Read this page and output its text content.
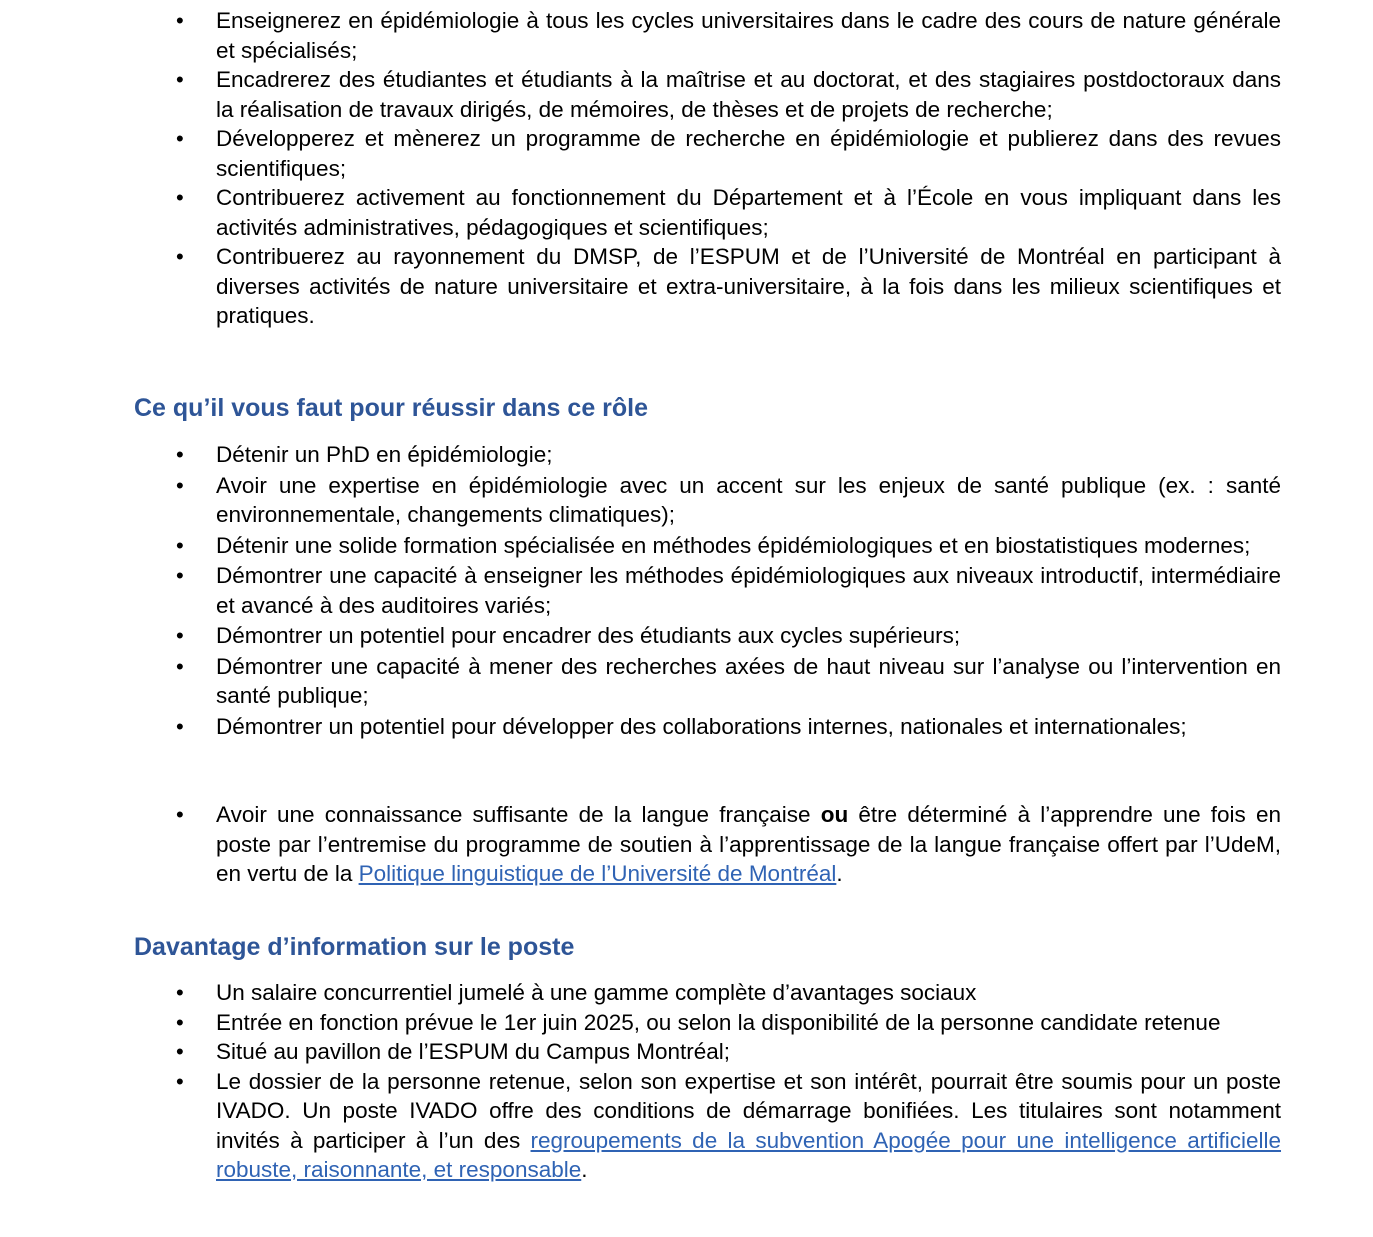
• Enseignerez en épidémiologie à tous les cycles universitaires dans le cadre des cours de nature générale et spécialisés;
• Encadrerez des étudiantes et étudiants à la maîtrise et au doctorat, et des stagiaires postdoctoraux dans la réalisation de travaux dirigés, de mémoires, de thèses et de projets de recherche;
• Développerez et mènerez un programme de recherche en épidémiologie et publierez dans des revues scientifiques;
• Contribuerez activement au fonctionnement du Département et à l’École en vous impliquant dans les activités administratives, pédagogiques et scientifiques;
• Contribuerez au rayonnement du DMSP, de l’ESPUM et de l’Université de Montréal en participant à diverses activités de nature universitaire et extra-universitaire, à la fois dans les milieux scientifiques et pratiques.
Ce qu’il vous faut pour réussir dans ce rôle
• Détenir un PhD en épidémiologie;
• Avoir une expertise en épidémiologie avec un accent sur les enjeux de santé publique (ex. : santé environnementale, changements climatiques);
• Détenir une solide formation spécialisée en méthodes épidémiologiques et en biostatistiques modernes;
• Démontrer une capacité à enseigner les méthodes épidémiologiques aux niveaux introductif, intermédiaire et avancé à des auditoires variés;
• Démontrer un potentiel pour encadrer des étudiants aux cycles supérieurs;
• Démontrer une capacité à mener des recherches axées de haut niveau sur l’analyse ou l’intervention en santé publique;
• Démontrer un potentiel pour développer des collaborations internes, nationales et internationales;
• Avoir une connaissance suffisante de la langue française ou être déterminé à l’apprendre une fois en poste par l’entremise du programme de soutien à l’apprentissage de la langue française offert par l’UdeM, en vertu de la Politique linguistique de l’Université de Montréal.
Davantage d’information sur le poste
• Un salaire concurrentiel jumelé à une gamme complète d’avantages sociaux
• Entrée en fonction prévue le 1er juin 2025, ou selon la disponibilité de la personne candidate retenue
• Situé au pavillon de l’ESPUM du Campus Montréal;
• Le dossier de la personne retenue, selon son expertise et son intérêt, pourrait être soumis pour un poste IVADO. Un poste IVADO offre des conditions de démarrage bonifiées. Les titulaires sont notamment invités à participer à l’un des regroupements de la subvention Apogée pour une intelligence artificielle robuste, raisonnante, et responsable.
